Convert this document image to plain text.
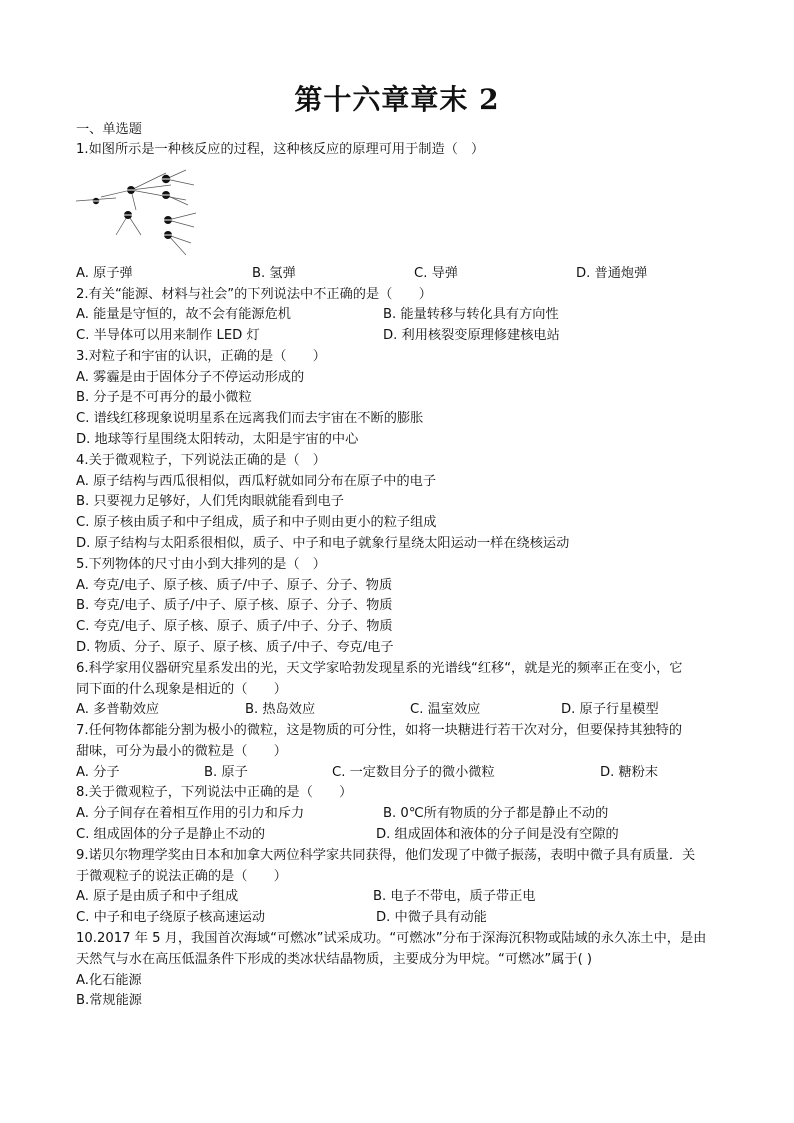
第十六章章末 2
一、单选题
1.如图所示是一种核反应的过程，这种核反应的原理可用于制造（　）
A. 原子弹	B. 氢弹	C. 导弹	D. 普通炮弹
2.有关“能源、材料与社会”的下列说法中不正确的是（　　）
A. 能量是守恒的，故不会有能源危机	B. 能量转移与转化具有方向性
C. 半导体可以用来制作 LED 灯	D. 利用核裂变原理修建核电站
3.对粒子和宇宙的认识，正确的是（　　）
A. 雾霾是由于固体分子不停运动形成的
B. 分子是不可再分的最小微粒
C. 谱线红移现象说明星系在远离我们而去宇宙在不断的膨胀
D. 地球等行星围绕太阳转动，太阳是宇宙的中心
4.关于微观粒子，下列说法正确的是（　）
A. 原子结构与西瓜很相似，西瓜籽就如同分布在原子中的电子
B. 只要视力足够好，人们凭肉眼就能看到电子
C. 原子核由质子和中子组成，质子和中子则由更小的粒子组成
D. 原子结构与太阳系很相似，质子、中子和电子就象行星绕太阳运动一样在绕核运动
5.下列物体的尺寸由小到大排列的是（　）
A. 夸克/电子、原子核、质子/中子、原子、分子、物质
B. 夸克/电子、质子/中子、原子核、原子、分子、物质
C. 夸克/电子、原子核、原子、质子/中子、分子、物质
D. 物质、分子、原子、原子核、质子/中子、夸克/电子
6.科学家用仪器研究星系发出的光，天文学家哈勃发现星系的光谱线“红移“，就是光的频率正在变小，它
同下面的什么现象是相近的（　　）
A. 多普勒效应	B. 热岛效应	C. 温室效应	D. 原子行星模型
7.任何物体都能分割为极小的微粒，这是物质的可分性，如将一块糖进行若干次对分，但要保持其独特的
甜味，可分为最小的微粒是（　　）
A. 分子	B. 原子	C. 一定数目分子的微小微粒	D. 糖粉末
8.关于微观粒子，下列说法中正确的是（　　）
A. 分子间存在着相互作用的引力和斥力	B. 0℃所有物质的分子都是静止不动的
C. 组成固体的分子是静止不动的	D. 组成固体和液体的分子间是没有空隙的
9.诺贝尔物理学奖由日本和加拿大两位科学家共同获得，他们发现了中微子振荡，表明中微子具有质量．关
于微观粒子的说法正确的是（　　）
A. 原子是由质子和中子组成	B. 电子不带电，质子带正电
C. 中子和电子绕原子核高速运动	D. 中微子具有动能
10.2017 年 5 月，我国首次海域“可燃冰”试采成功。“可燃冰”分布于深海沉积物或陆域的永久冻土中，是由
天然气与水在高压低温条件下形成的类冰状结晶物质，主要成分为甲烷。“可燃冰”属于( )
A.化石能源
B.常规能源
